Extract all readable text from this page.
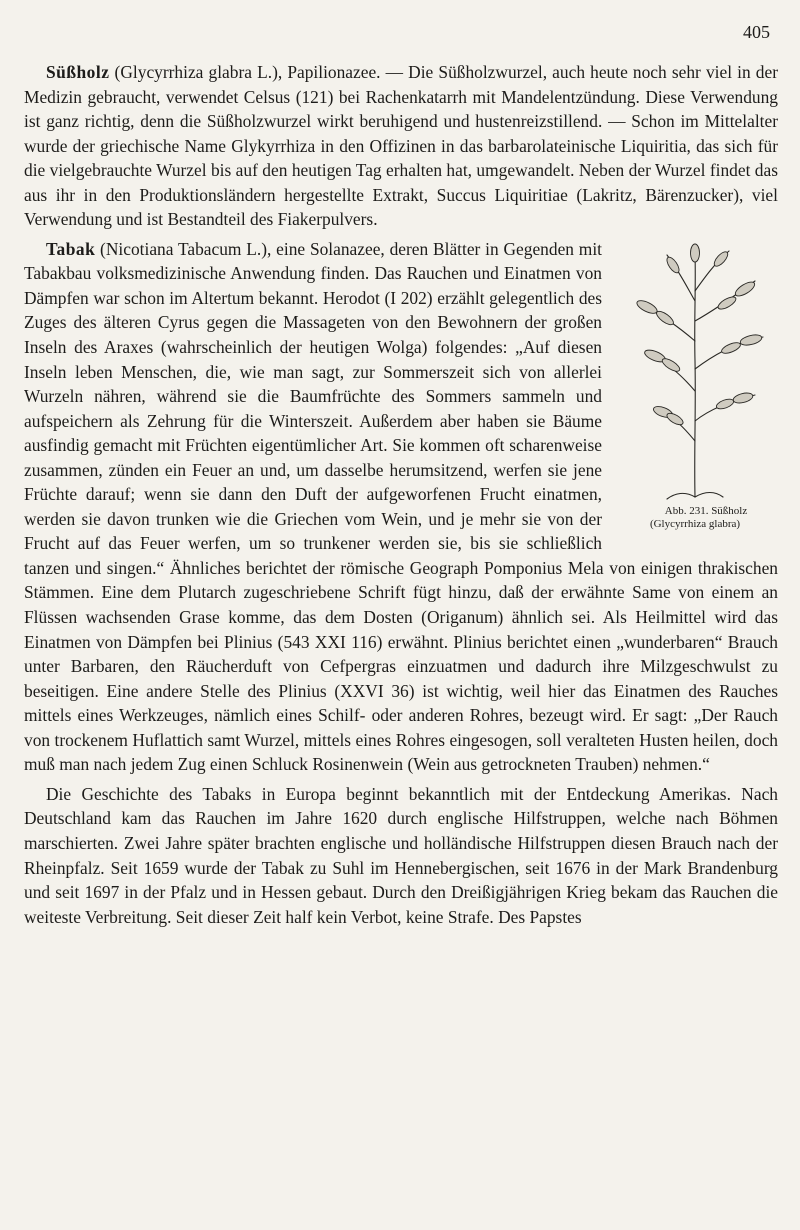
405

Süßholz (Glycyrrhiza glabra L.), Papilionazee. — Die Süßholzwurzel, auch heute noch sehr viel in der Medizin gebraucht, verwendet Celsus (121) bei Rachenkatarrh mit Mandelentzündung. Diese Verwendung ist ganz richtig, denn die Süßholzwurzel wirkt beruhigend und hustenreizstillend. — Schon im Mittelalter wurde der griechische Name Glykyrrhiza in den Offizinen in das barbarolateinische Liquiritia, das sich für die vielgebrauchte Wurzel bis auf den heutigen Tag erhalten hat, umgewandelt. Neben der Wurzel findet das aus ihr in den Produktionsländern hergestellte Extrakt, Succus Liquiritiae (Lakritz, Bärenzucker), viel Verwendung und ist Bestandteil des Fiakerpulvers.

Tabak
Abb. 231. Süßholz
(Glycyrrhiza glabra)
(Nicotiana Tabacum L.), eine Solanazee, deren Blätter in Gegenden mit Tabakbau volksmedizinische Anwendung finden. Das Rauchen und Einatmen von Dämpfen war schon im Altertum bekannt. Herodot (I 202) erzählt gelegentlich des Zuges des älteren Cyrus gegen die Massageten von den Bewohnern der großen Inseln des Araxes (wahrscheinlich der heutigen Wolga) folgendes: „Auf diesen Inseln leben Menschen, die, wie man sagt, zur Sommerszeit sich von allerlei Wurzeln nähren, während sie die Baumfrüchte des Sommers sammeln und aufspeichern als Zehrung für die Winterszeit. Außerdem aber haben sie Bäume ausfindig gemacht mit Früchten eigentümlicher Art. Sie kommen oft scharenweise zusammen, zünden ein Feuer an und, um dasselbe herumsitzend, werfen sie jene Früchte darauf; wenn sie dann den Duft der aufgeworfenen Frucht einatmen, werden sie davon trunken wie die Griechen vom Wein, und je mehr sie von der Frucht auf das Feuer werfen, um so trunkener werden sie, bis sie schließlich tanzen und singen.“ Ähnliches berichtet der römische Geograph Pomponius Mela von einigen thrakischen Stämmen. Eine dem Plutarch zugeschriebene Schrift fügt hinzu, daß der erwähnte Same von einem an Flüssen wachsenden Grase komme, das dem Dosten (Origanum) ähnlich sei. Als Heilmittel wird das Einatmen von Dämpfen bei Plinius (543 XXI 116) erwähnt. Plinius berichtet einen „wunderbaren“ Brauch unter Barbaren, den Räucherduft von Cefpergras einzuatmen und dadurch ihre Milzgeschwulst zu beseitigen. Eine andere Stelle des Plinius (XXVI 36) ist wichtig, weil hier das Einatmen des Rauches mittels eines Werkzeuges, nämlich eines Schilf- oder anderen Rohres, bezeugt wird. Er sagt: „Der Rauch von trockenem Huflattich samt Wurzel, mittels eines Rohres eingesogen, soll veralteten Husten heilen, doch muß man nach jedem Zug einen Schluck Rosinenwein (Wein aus getrockneten Trauben) nehmen.“

Die Geschichte des Tabaks in Europa beginnt bekanntlich mit der Entdeckung Amerikas. Nach Deutschland kam das Rauchen im Jahre 1620 durch englische Hilfstruppen, welche nach Böhmen marschierten. Zwei Jahre später brachten englische und holländische Hilfstruppen diesen Brauch nach der Rheinpfalz. Seit 1659 wurde der Tabak zu Suhl im Hennebergischen, seit 1676 in der Mark Brandenburg und seit 1697 in der Pfalz und in Hessen gebaut. Durch den Dreißigjährigen Krieg bekam das Rauchen die weiteste Verbreitung. Seit dieser Zeit half kein Verbot, keine Strafe. Des Papstes
